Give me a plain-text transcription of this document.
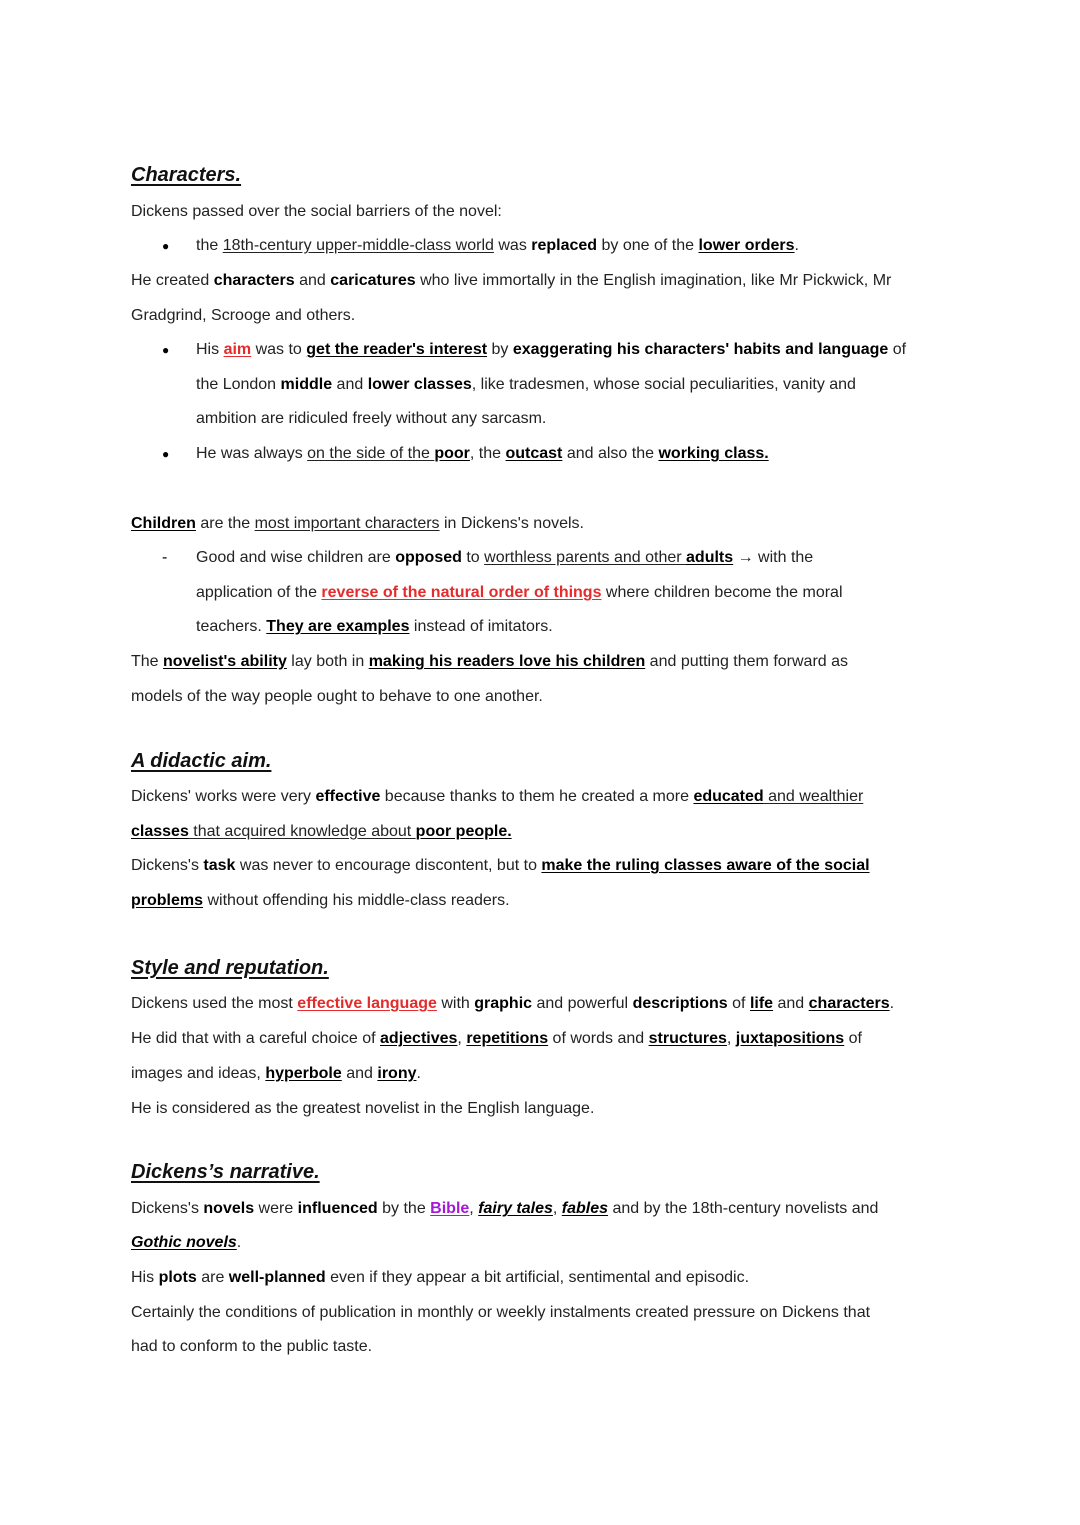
Characters.
Dickens passed over the social barriers of the novel:
● the 18th-century upper-middle-class world was replaced by one of the lower orders.
He created characters and caricatures who live immortally in the English imagination, like Mr Pickwick, Mr
Gradgrind, Scrooge and others.
● His aim was to get the reader's interest by exaggerating his characters' habits and language of
the London middle and lower classes, like tradesmen, whose social peculiarities, vanity and
ambition are ridiculed freely without any sarcasm.
● He was always on the side of the poor, the outcast and also the working class.
Children are the most important characters in Dickens's novels.
- Good and wise children are opposed to worthless parents and other adults → with the
application of the reverse of the natural order of things where children become the moral
teachers. They are examples instead of imitators.
The novelist's ability lay both in making his readers love his children and putting them forward as
models of the way people ought to behave to one another.
A didactic aim.
Dickens' works were very effective because thanks to them he created a more educated and wealthier
classes that acquired knowledge about poor people.
Dickens's task was never to encourage discontent, but to make the ruling classes aware of the social
problems without offending his middle-class readers.
Style and reputation.
Dickens used the most effective language with graphic and powerful descriptions of life and characters.
He did that with a careful choice of adjectives, repetitions of words and structures, juxtapositions of
images and ideas, hyperbole and irony.
He is considered as the greatest novelist in the English language.
Dickens’s narrative.
Dickens's novels were influenced by the Bible, fairy tales, fables and by the 18th-century novelists and
Gothic novels.
His plots are well-planned even if they appear a bit artificial, sentimental and episodic.
Certainly the conditions of publication in monthly or weekly instalments created pressure on Dickens that
had to conform to the public taste.
